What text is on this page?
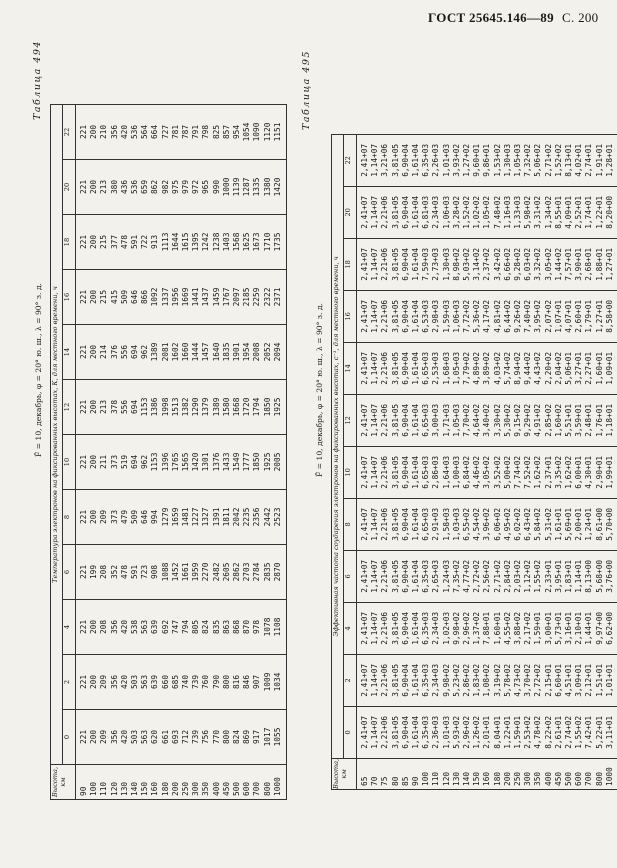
ГОСТ 25645.146—89 С. 200
Таблица 494
F̄ = 10, декабрь, φ = 20° ю. ш., λ = 90° з. д.
Высота, км	Температура электронов на фиксированных высотах, К, для местного времени, ч											
	0	2	4	6	8	10	12	14	16	18	20	22
90	221	221	221	221	221	221	221	221	221	221	221	221
100	200	200	200	199	200	200	200	200	200	200	200	200
110	209	209	208	208	209	211	213	214	215	215	213	210
120	356	356	356	352	373	373	378	376	415	377	380	356
130	420	420	420	478	479	519	556	556	509	478	436	420
140	503	503	538	591	509	694	694	694	646	591	536	536
150	563	563	563	723	646	962	1153	962	866	722	659	564
160	620	639	639	908	994	1153	1386	1389	1092	913	862	664
180	661	660	692	1088	1279	1396	1998	2081	1337	1113	982	727
200	693	685	747	1452	1659	1765	1513	1602	1956	1644	975	781
250	712	740	794	1661	1481	1565	1382	1660	1669	1615	979	787
300	739	739	805	1959	1227	1420	1290	1444	1441	1395	972	791
350	756	760	824	2270	1327	1301	1379	1457	1437	1242	965	798
400	770	790	835	2482	1391	1376	1389	1640	1459	1238	990	825
450	800	800	863	2605	1811	1433	1580	1835	1767	1403	1000	857
500	824	816	868	2862	2042	1549	1668	1901	2097	1568	1139	954
600	869	846	870	2703	2235	1777	1720	1954	2185	1625	1287	1054
700	917	907	978	2784	2356	1850	1794	2008	2259	1673	1335	1090
800	1017	1009	1078	2835	2442	1925	1850	2052	2322	1710	1380	1120
1000	1055	1034	1108	2870	2523	2005	1925	2094	2371	1735	1420	1151
Таблица 495
F̄ = 10, декабрь, φ = 20° ю. ш., λ = 90° з. д.
Высота, км	Эффективная частота соударения электронов на фиксированных высотах, с⁻¹, для местного времени, ч											
	0	2	4	6	8	10	12	14	16	18	20	22
65	2,41+07	2,41+07	2,41+07	2,41+07	2,41+07	2,41+07	2,41+07	2,41+07	2,41+07	2,41+07	2,41+07	2,41+07
70	1,14+07	1,14+07	1,14+07	1,14+07	1,14+07	1,14+07	1,14+07	1,14+07	1,14+07	1,14+07	1,14+07	1,14+07
75	2,21+06	2,21+06	2,21+06	2,21+06	2,21+06	2,21+06	2,21+06	2,21+06	2,21+06	2,21+06	2,21+06	3,21+06
80	3,81+05	3,81+05	3,81+05	3,81+05	3,81+05	3,81+05	3,81+05	3,81+05	3,81+05	3,81+05	3,81+05	3,81+05
85	6,90+04	6,90+04	6,90+04	6,90+04	6,90+04	6,90+04	6,90+04	6,90+04	6,90+04	6,90+04	6,90+04	6,90+04
90	1,61+04	1,61+04	1,61+04	1,61+04	1,61+04	1,61+04	1,61+04	1,61+04	1,61+04	1,61+04	1,61+04	1,61+04
100	6,35+03	6,35+03	6,35+03	6,35+03	6,65+03	6,65+03	6,65+03	6,65+03	6,53+03	7,59+03	6,81+03	6,35+03
110	2,36+03	2,34+03	2,34+03	2,65+03	2,91+03	2,86+03	3,00+03	2,53+03	2,98+03	2,73+03	2,34+03	2,26+03
120	1,01+03	9,98+02	1,02+03	1,24+03	1,58+03	1,64+03	1,71+03	1,68+03	1,59+03	1,30+03	1,06+03	1,01+03
130	5,93+02	5,23+02	9,98+02	7,35+02	1,03+03	1,00+03	1,05+03	1,05+03	1,06+03	8,98+02	3,28+02	3,93+02
140	2,96+02	2,86+02	2,96+02	4,77+02	6,55+02	6,84+02	7,70+02	7,79+02	7,72+02	5,03+02	1,52+02	1,27+02
150	1,26+02	1,83+02	1,37+02	2,72+02	4,54+02	4,46+02	4,64+02	4,89+02	5,36+02	3,14+02	1,02+02	9,60+01
160	2,01+01	1,08+02	7,88+01	2,56+02	3,96+02	3,05+02	3,40+02	3,89+02	4,17+02	2,37+02	1,05+02	9,86+01
180	8,04+01	3,19+02	1,60+01	2,71+02	6,06+02	3,52+02	3,30+02	4,03+02	4,81+02	3,42+02	7,48+02	1,53+02
200	1,22+01	5,78+02	4,55+02	2,84+02	4,95+02	5,00+02	5,30+02	5,74+02	6,44+02	6,66+02	1,16+03	1,30+03
250	1,59+01	4,73+02	3,88+02	2,03+02	6,02+02	7,74+02	9,15+02	8,94+02	9,26+02	9,28+02	1,33+03	1,05+03
300	2,53+02	3,70+02	2,17+02	1,12+02	6,43+02	7,52+02	9,29+02	9,44+02	7,40+02	6,03+02	5,98+02	7,32+02
350	4,78+02	2,72+02	1,59+01	1,55+02	5,84+02	1,62+02	4,91+02	4,43+02	3,95+02	3,32+02	3,31+02	5,06+02
400	8,22+02	2,15+01	3,00+01	2,33+01	5,31+02	2,37+01	2,85+02	2,20+02	2,07+02	3,05+02	1,34+02	2,71+02
450	2,61+01	6,60+01	5,73+01	3,95+01	1,61+01	3,35+02	1,60+02	2,04+02	1,07+01	1,44+02	8,55+01	1,52+02
500	2,74+02	4,51+01	3,16+01	1,83+01	5,69+01	1,62+02	5,51+01	5,06+01	4,07+01	7,57+01	4,09+01	8,13+01
600	1,55+02	3,09+01	2,10+01	1,14+01	2,00+01	6,00+01	3,59+01	3,27+01	2,60+01	3,90+01	2,52+01	4,02+01
700	7,42+01	2,12+01	1,44+01	8,13+00	1,24+01	4,30+01	2,48+01	2,27+01	1,79+01	2,68+01	1,74+01	2,74+01
800	5,22+01	1,51+01	9,97+00	5,68+00	8,61+00	2,90+01	1,76+01	1,60+01	1,27+01	1,88+01	1,22+01	1,91+01
1000	3,11+01	1,01+01	6,62+00	3,76+00	5,70+00	1,99+01	1,18+01	1,09+01	8,58+00	1,27+01	8,20+00	1,28+01
